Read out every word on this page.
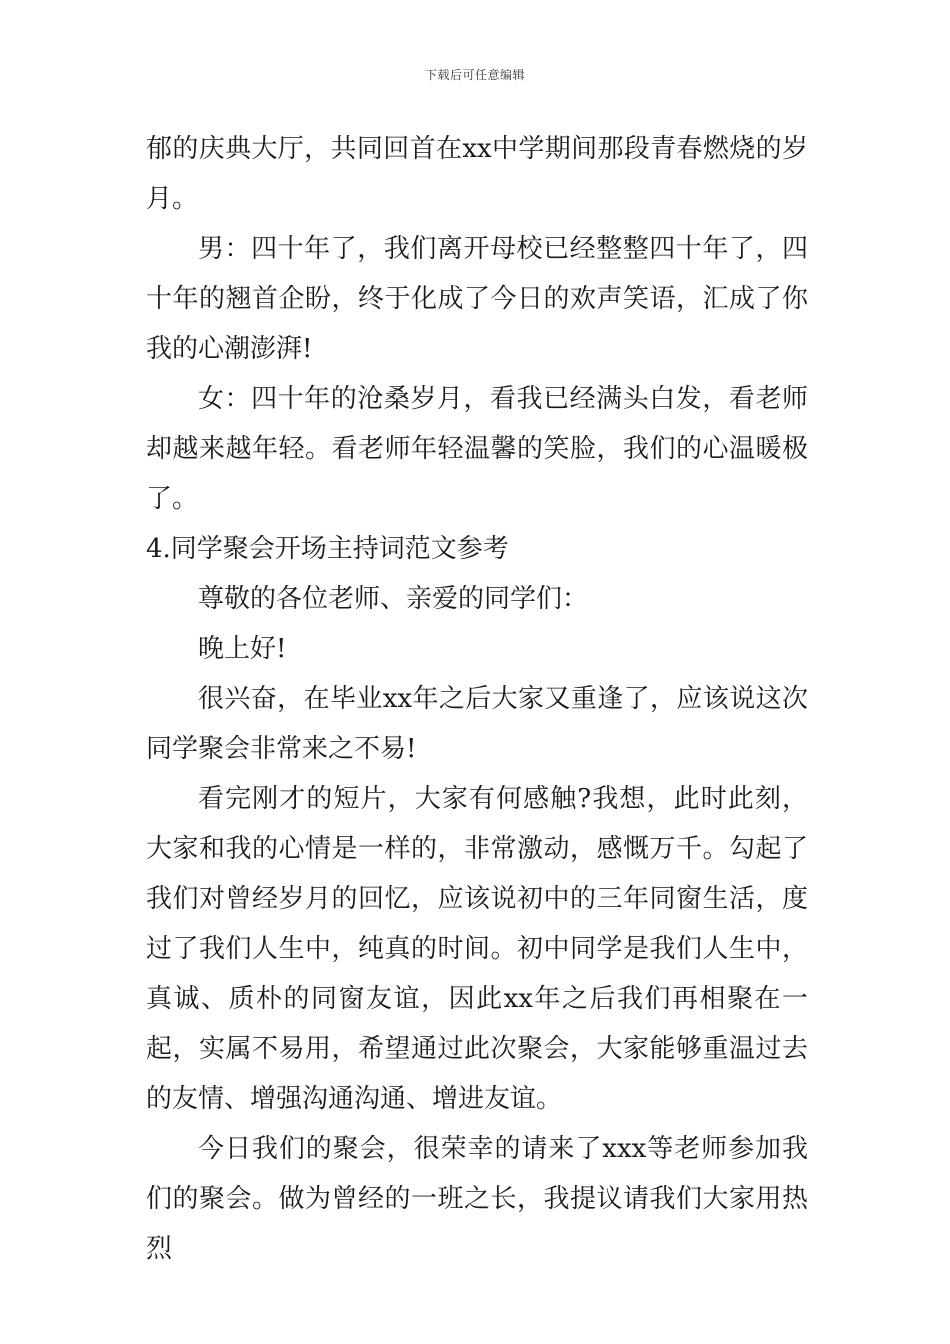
下载后可任意编辑

郁的庆典大厅，共同回首在xx中学期间那段青春燃烧的岁月。

男：四十年了，我们离开母校已经整整四十年了，四十年的翘首企盼，终于化成了今日的欢声笑语，汇成了你我的心潮澎湃!

女：四十年的沧桑岁月，看我已经满头白发，看老师却越来越年轻。看老师年轻温馨的笑脸，我们的心温暖极了。

4.同学聚会开场主持词范文参考

尊敬的各位老师、亲爱的同学们：

晚上好!

很兴奋，在毕业xx年之后大家又重逢了，应该说这次同学聚会非常来之不易!

看完刚才的短片，大家有何感触?我想，此时此刻，大家和我的心情是一样的，非常激动，感慨万千。勾起了我们对曾经岁月的回忆，应该说初中的三年同窗生活，度过了我们人生中，纯真的时间。初中同学是我们人生中，真诚、质朴的同窗友谊，因此xx年之后我们再相聚在一起，实属不易用，希望通过此次聚会，大家能够重温过去的友情、增强沟通沟通、增进友谊。

今日我们的聚会，很荣幸的请来了xxx等老师参加我们的聚会。做为曾经的一班之长，我提议请我们大家用热烈
